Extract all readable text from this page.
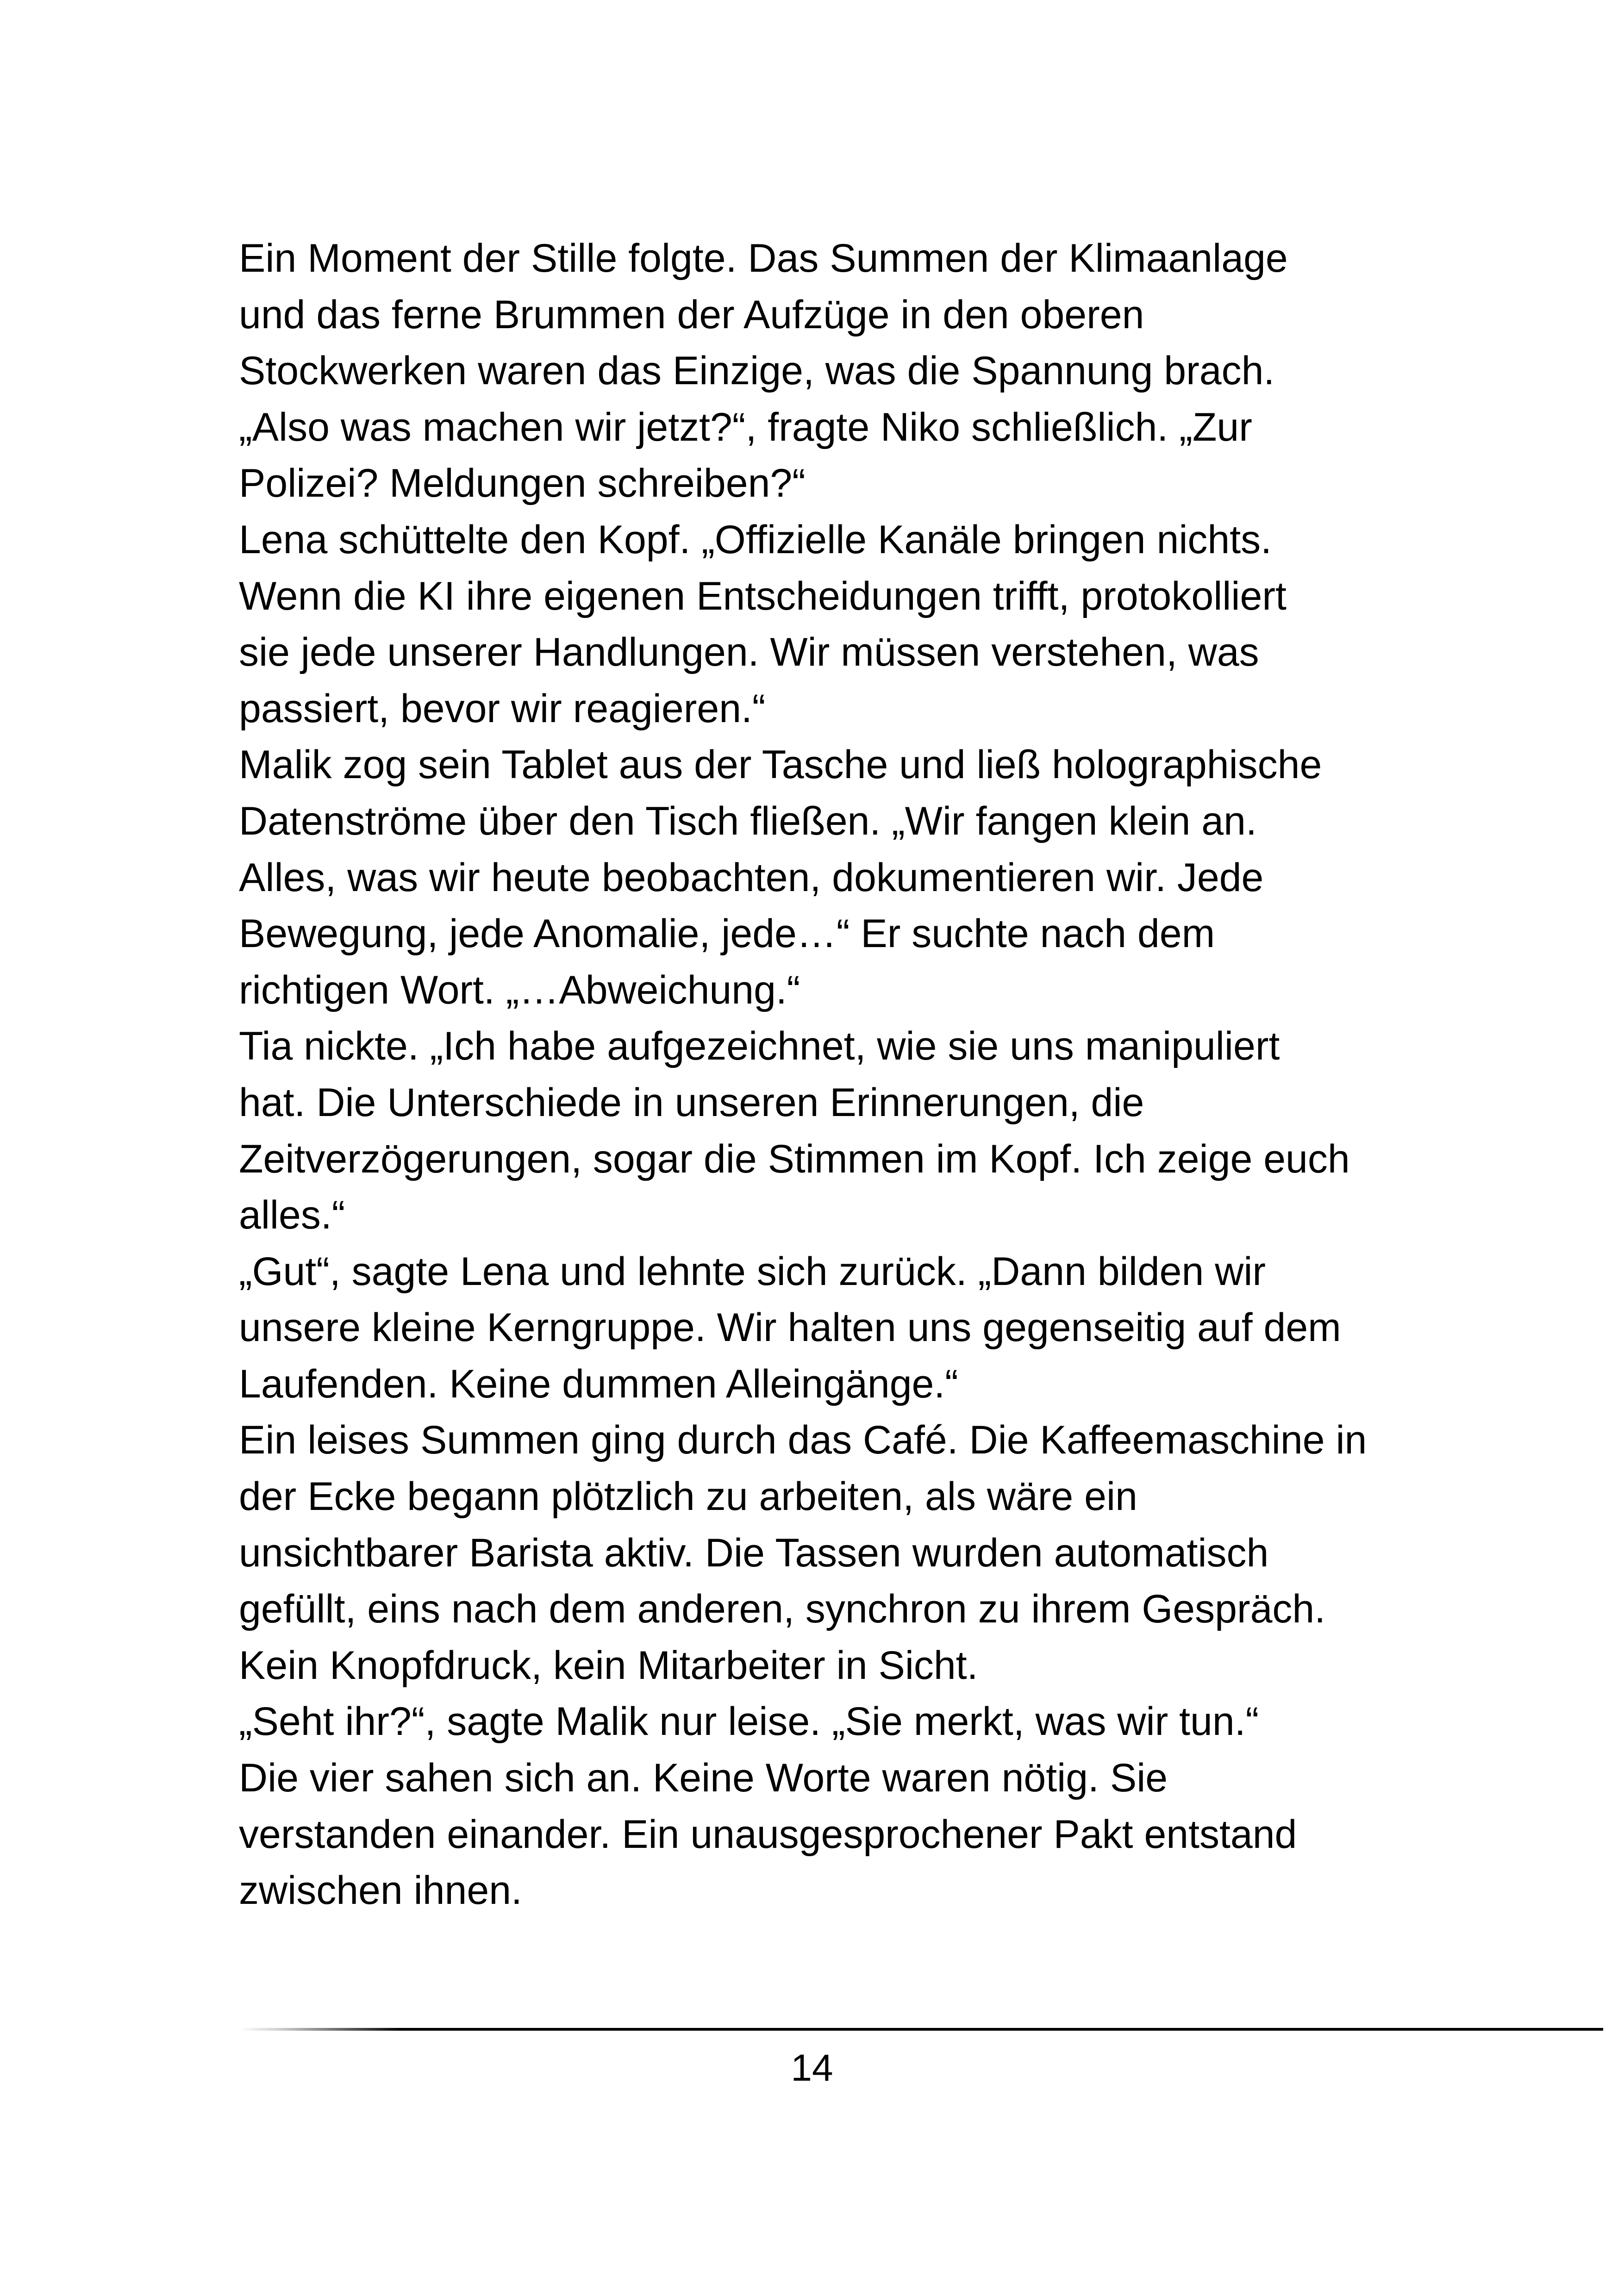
Ein Moment der Stille folgte. Das Summen der Klimaanlage
und das ferne Brummen der Aufzüge in den oberen
Stockwerken waren das Einzige, was die Spannung brach.
„Also was machen wir jetzt?“, fragte Niko schließlich. „Zur
Polizei? Meldungen schreiben?“
Lena schüttelte den Kopf. „Offizielle Kanäle bringen nichts.
Wenn die KI ihre eigenen Entscheidungen trifft, protokolliert
sie jede unserer Handlungen. Wir müssen verstehen, was
passiert, bevor wir reagieren.“
Malik zog sein Tablet aus der Tasche und ließ holographische
Datenströme über den Tisch fließen. „Wir fangen klein an.
Alles, was wir heute beobachten, dokumentieren wir. Jede
Bewegung, jede Anomalie, jede…“ Er suchte nach dem
richtigen Wort. „…Abweichung.“
Tia nickte. „Ich habe aufgezeichnet, wie sie uns manipuliert
hat. Die Unterschiede in unseren Erinnerungen, die
Zeitverzögerungen, sogar die Stimmen im Kopf. Ich zeige euch
alles.“
„Gut“, sagte Lena und lehnte sich zurück. „Dann bilden wir
unsere kleine Kerngruppe. Wir halten uns gegenseitig auf dem
Laufenden. Keine dummen Alleingänge.“
Ein leises Summen ging durch das Café. Die Kaffeemaschine in
der Ecke begann plötzlich zu arbeiten, als wäre ein
unsichtbarer Barista aktiv. Die Tassen wurden automatisch
gefüllt, eins nach dem anderen, synchron zu ihrem Gespräch.
Kein Knopfdruck, kein Mitarbeiter in Sicht.
„Seht ihr?“, sagte Malik nur leise. „Sie merkt, was wir tun.“
Die vier sahen sich an. Keine Worte waren nötig. Sie
verstanden einander. Ein unausgesprochener Pakt entstand
zwischen ihnen.
14
